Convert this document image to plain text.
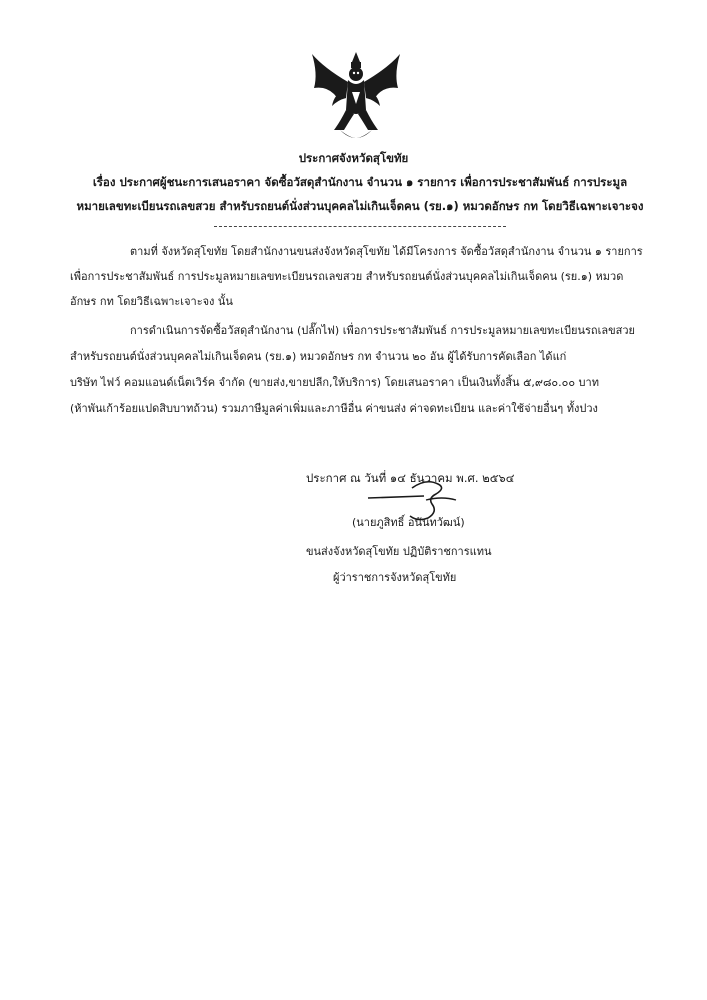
ประกาศจังหวัดสุโขทัย
เรื่อง ประกาศผู้ชนะการเสนอราคา จัดซื้อวัสดุสำนักงาน จำนวน ๑ รายการ เพื่อการประชาสัมพันธ์ การประมูล
หมายเลขทะเบียนรถเลขสวย สำหรับรถยนต์นั่งส่วนบุคคลไม่เกินเจ็ดคน (รย.๑) หมวดอักษร กท โดยวิธีเฉพาะเจาะจง
ตามที่ จังหวัดสุโขทัย โดยสำนักงานขนส่งจังหวัดสุโขทัย ได้มีโครงการ จัดซื้อวัสดุสำนักงาน จำนวน ๑ รายการ
เพื่อการประชาสัมพันธ์ การประมูลหมายเลขทะเบียนรถเลขสวย สำหรับรถยนต์นั่งส่วนบุคคลไม่เกินเจ็ดคน (รย.๑) หมวด
อักษร กท โดยวิธีเฉพาะเจาะจง นั้น
การดำเนินการจัดซื้อวัสดุสำนักงาน (ปลั๊กไฟ) เพื่อการประชาสัมพันธ์ การประมูลหมายเลขทะเบียนรถเลขสวย
สำหรับรถยนต์นั่งส่วนบุคคลไม่เกินเจ็ดคน (รย.๑) หมวดอักษร กท จำนวน ๒๐ อัน ผู้ได้รับการคัดเลือก ได้แก่
บริษัท ไฟว์ คอมแอนด์เน็ตเวิร์ค จำกัด (ขายส่ง,ขายปลีก,ให้บริการ) โดยเสนอราคา เป็นเงินทั้งสิ้น ๕,๙๘๐.๐๐ บาท
(ห้าพันเก้าร้อยแปดสิบบาทถ้วน) รวมภาษีมูลค่าเพิ่มและภาษีอื่น ค่าขนส่ง ค่าจดทะเบียน และค่าใช้จ่ายอื่นๆ ทั้งปวง
ประกาศ ณ วันที่ ๑๔ ธันวาคม พ.ศ. ๒๕๖๔
(นายภูสิทธิ์ อนันทวัฒน์)
ขนส่งจังหวัดสุโขทัย ปฏิบัติราชการแทน
ผู้ว่าราชการจังหวัดสุโขทัย
